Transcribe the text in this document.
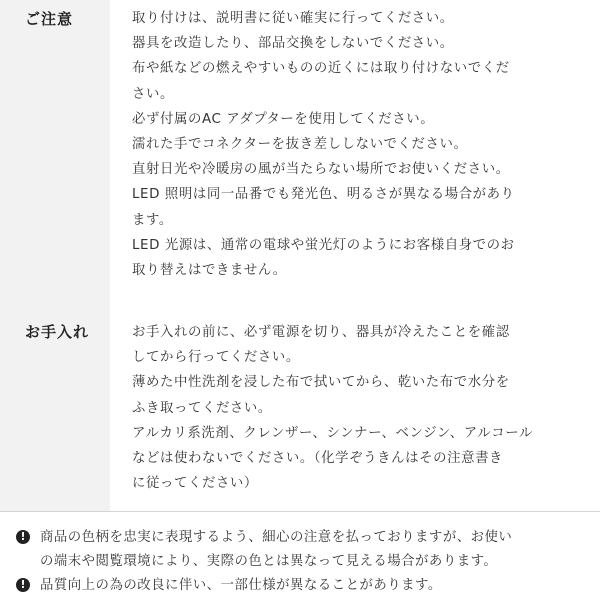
ご注意	取り付けは、説明書に従い確実に行ってください。
器具を改造したり、部品交換をしないでください。
布や紙などの燃えやすいものの近くには取り付けないでくだ
さい。
必ず付属のAC アダプターを使用してください。
濡れた手でコネクターを抜き差ししないでください。
直射日光や冷暖房の風が当たらない場所でお使いください。
LED 照明は同一品番でも発光色、明るさが異なる場合があり
ます。
LED 光源は、通常の電球や蛍光灯のようにお客様自身でのお
取り替えはできません。
お手入れ	お手入れの前に、必ず電源を切り、器具が冷えたことを確認
してから行ってください。
薄めた中性洗剤を浸した布で拭いてから、乾いた布で水分を
ふき取ってください。
アルカリ系洗剤、クレンザー、シンナー、ベンジン、アルコール
などは使わないでください。（化学ぞうきんはその注意書き
に従ってください）
!	商品の色柄を忠実に表現するよう、細心の注意を払っておりますが、お使い
の端末や閲覧環境により、実際の色とは異なって見える場合があります。
!	品質向上の為の改良に伴い、一部仕様が異なることがあります。
